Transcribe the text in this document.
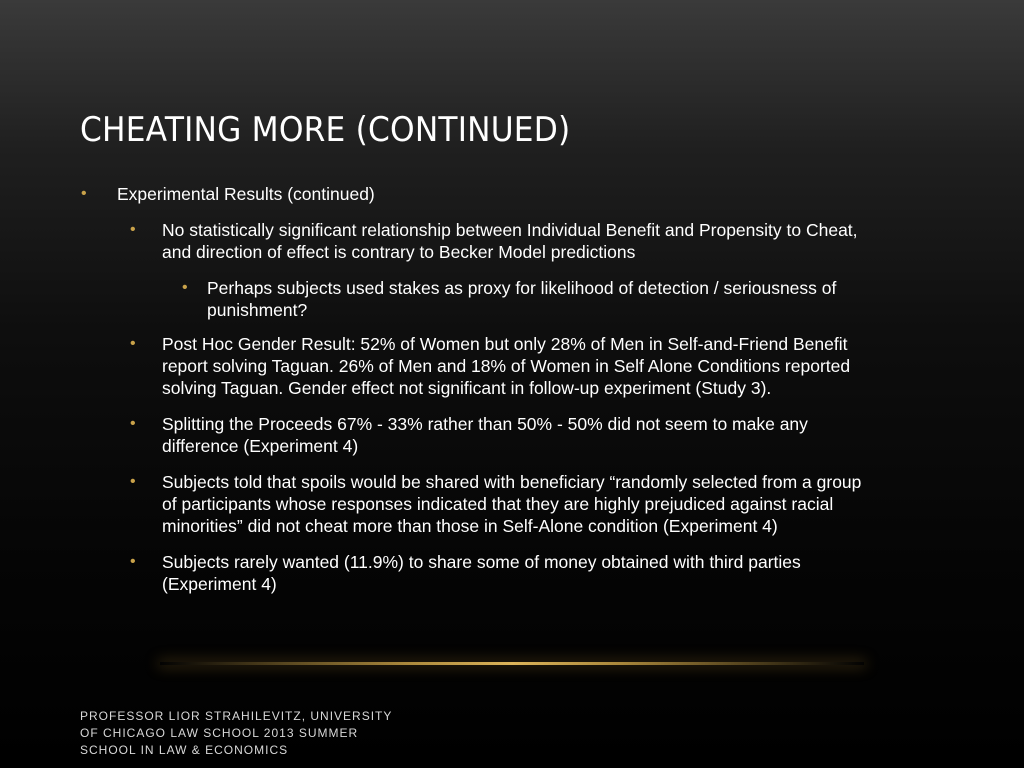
CHEATING MORE (CONTINUED)
• Experimental Results (continued)
• No statistically significant relationship between Individual Benefit and Propensity to Cheat,
and direction of effect is contrary to Becker Model predictions
• Perhaps subjects used stakes as proxy for likelihood of detection / seriousness of
punishment?
• Post Hoc Gender Result: 52% of Women but only 28% of Men in Self-and-Friend Benefit
report solving Taguan. 26% of Men and 18% of Women in Self Alone Conditions reported
solving Taguan. Gender effect not significant in follow-up experiment (Study 3).
• Splitting the Proceeds 67% - 33% rather than 50% - 50% did not seem to make any
difference (Experiment 4)
• Subjects told that spoils would be shared with beneficiary “randomly selected from a group
of participants whose responses indicated that they are highly prejudiced against racial
minorities” did not cheat more than those in Self-Alone condition (Experiment 4)
• Subjects rarely wanted (11.9%) to share some of money obtained with third parties
(Experiment 4)
PROFESSOR LIOR STRAHILEVITZ, UNIVERSITY
OF CHICAGO LAW SCHOOL 2013 SUMMER
SCHOOL IN LAW & ECONOMICS
